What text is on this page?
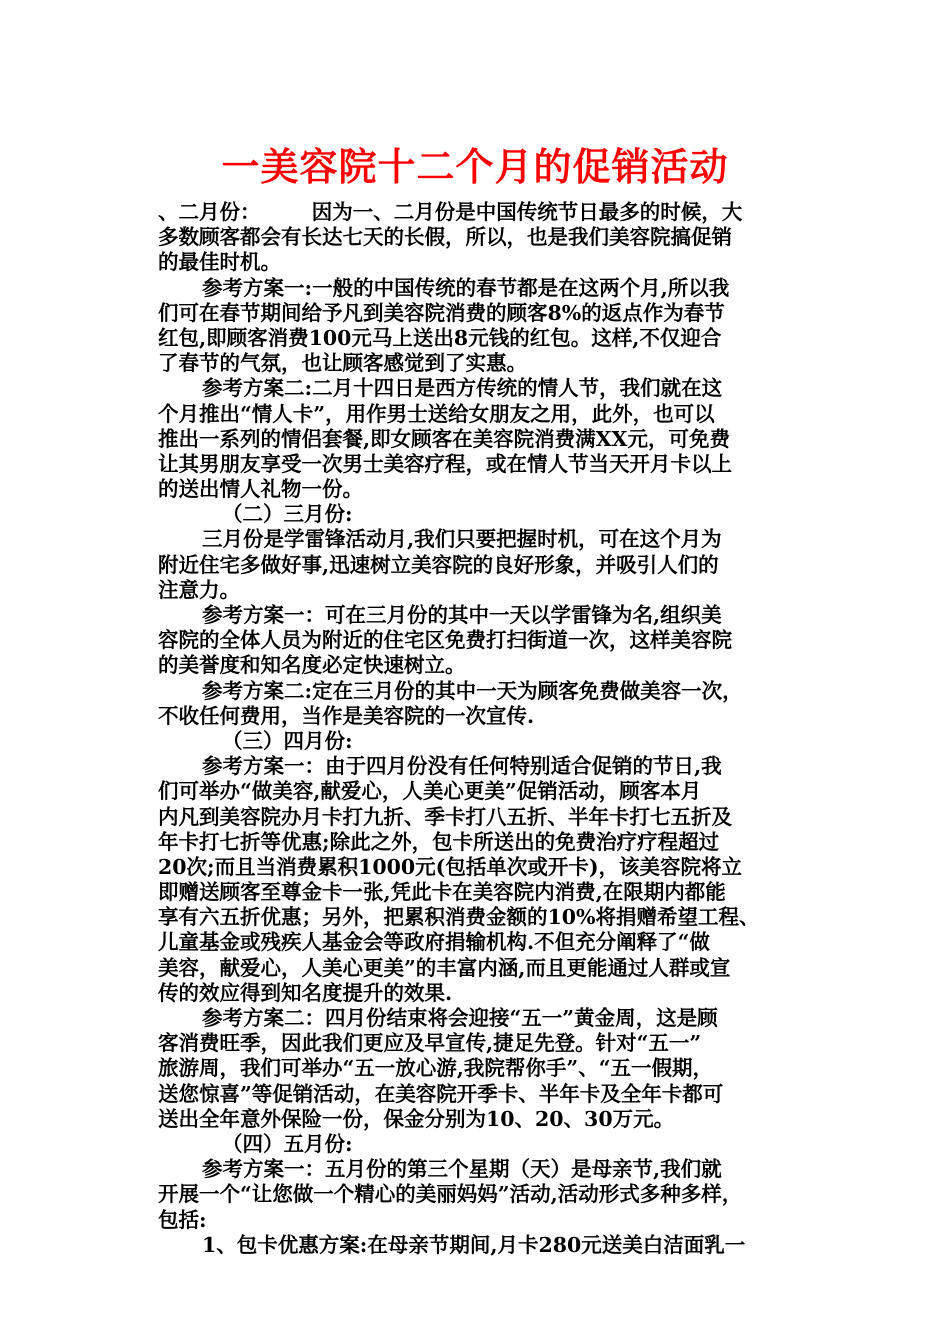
一美容院十二个月的促销活动
、二月份：　　　因为一、二月份是中国传统节日最多的时候，大
多数顾客都会有长达七天的长假，所以，也是我们美容院搞促销
的最佳时机。
参考方案一:一般的中国传统的春节都是在这两个月,所以我
们可在春节期间给予凡到美容院消费的顾客8%的返点作为春节
红包,即顾客消费100元马上送出8元钱的红包。这样,不仅迎合
了春节的气氛，也让顾客感觉到了实惠。
参考方案二:二月十四日是西方传统的情人节，我们就在这
个月推出“情人卡”，用作男士送给女朋友之用，此外，也可以
推出一系列的情侣套餐,即女顾客在美容院消费满XX元，可免费
让其男朋友享受一次男士美容疗程，或在情人节当天开月卡以上
的送出情人礼物一份。
（二）三月份:
三月份是学雷锋活动月,我们只要把握时机，可在这个月为
附近住宅多做好事,迅速树立美容院的良好形象，并吸引人们的
注意力。
参考方案一：可在三月份的其中一天以学雷锋为名,组织美
容院的全体人员为附近的住宅区免费打扫街道一次，这样美容院
的美誉度和知名度必定快速树立。
参考方案二:定在三月份的其中一天为顾客免费做美容一次，
不收任何费用，当作是美容院的一次宣传.
（三）四月份:
参考方案一：由于四月份没有任何特别适合促销的节日,我
们可举办“做美容,献爱心，人美心更美”促销活动，顾客本月
内凡到美容院办月卡打九折、季卡打八五折、半年卡打七五折及
年卡打七折等优惠;除此之外，包卡所送出的免费治疗疗程超过
20次;而且当消费累积1000元(包括单次或开卡)，该美容院将立
即赠送顾客至尊金卡一张,凭此卡在美容院内消费,在限期内都能
享有六五折优惠；另外，把累积消费金额的10%将捐赠希望工程、
儿童基金或残疾人基金会等政府捐输机构.不但充分阐释了“做
美容，献爱心，人美心更美”的丰富内涵,而且更能通过人群或宣
传的效应得到知名度提升的效果.
参考方案二：四月份结束将会迎接“五一”黄金周，这是顾
客消费旺季，因此我们更应及早宣传,捷足先登。针对“五一”
旅游周，我们可举办“五一放心游,我院帮你手”、“五一假期，
送您惊喜”等促销活动，在美容院开季卡、半年卡及全年卡都可
送出全年意外保险一份，保金分别为10、20、30万元。
（四）五月份:
参考方案一：五月份的第三个星期（天）是母亲节,我们就
开展一个“让您做一个精心的美丽妈妈”活动,活动形式多种多样，
包括:
1、包卡优惠方案:在母亲节期间,月卡280元送美白洁面乳一
